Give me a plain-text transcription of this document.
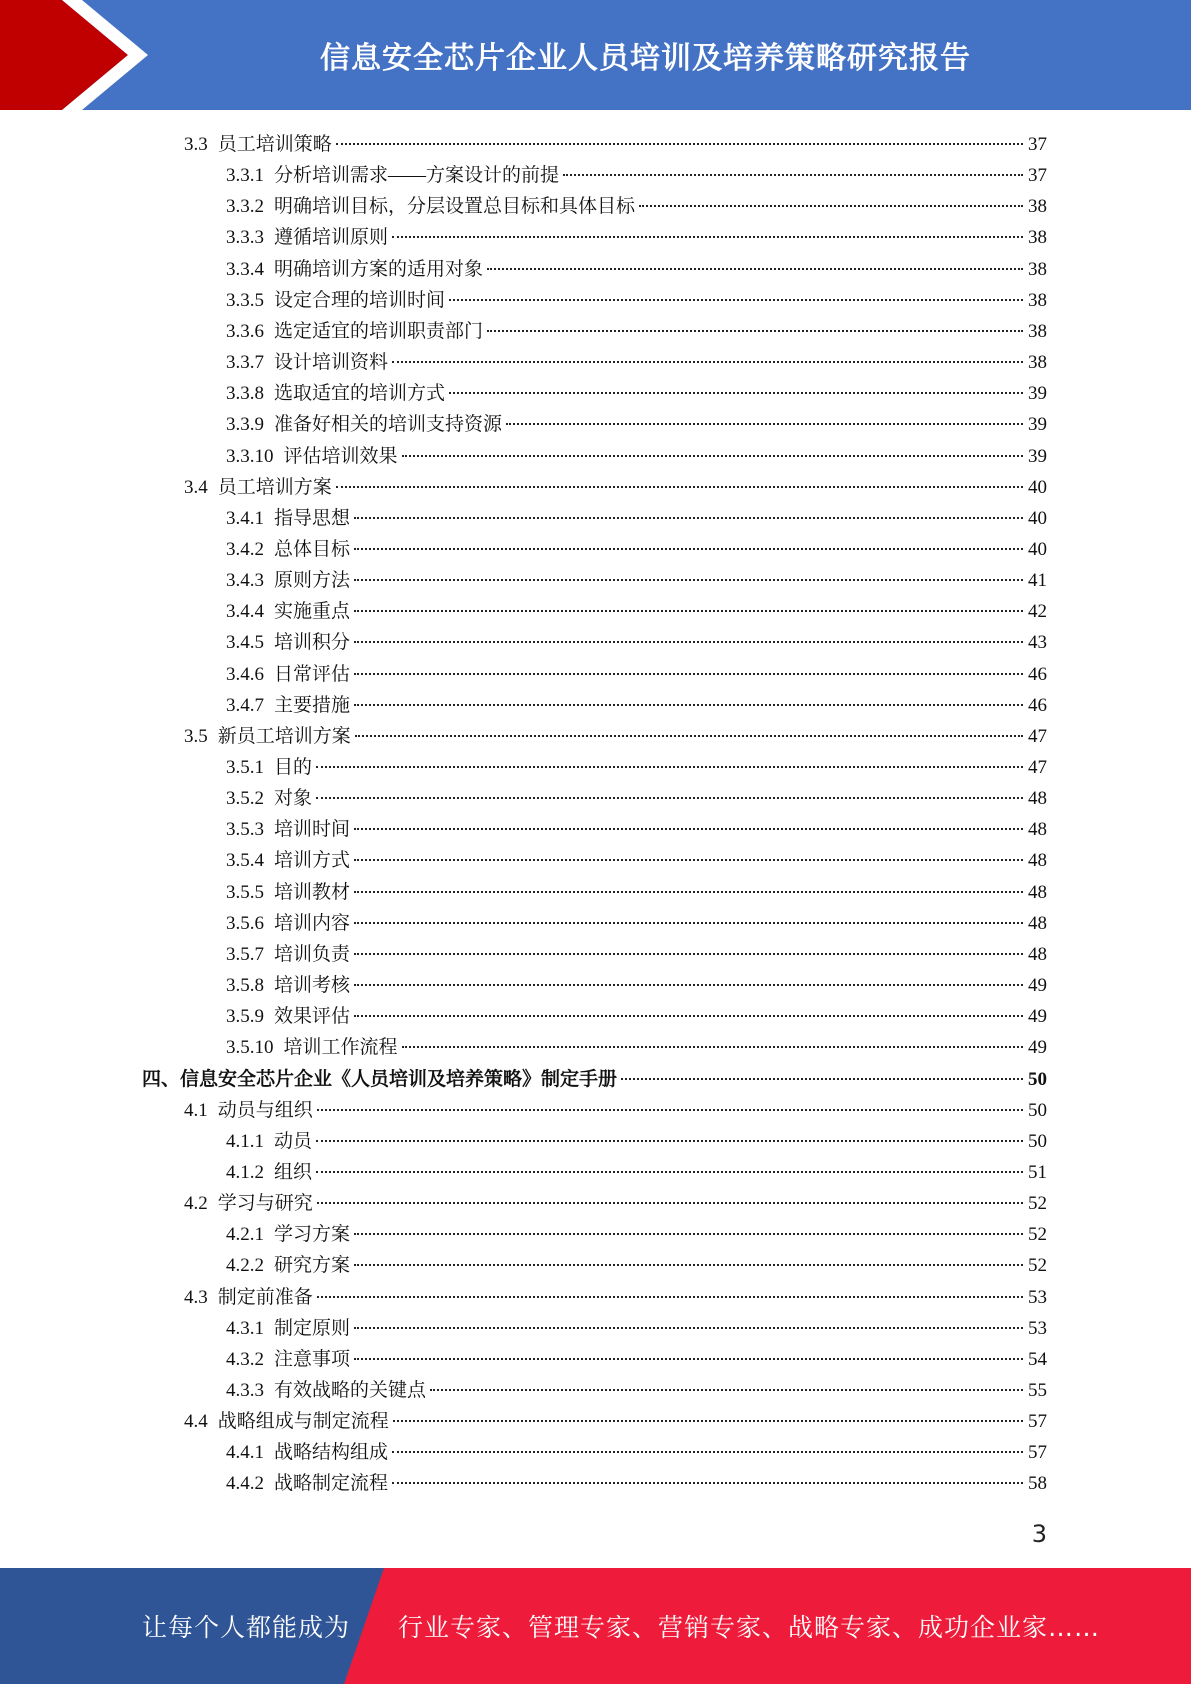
信息安全芯片企业人员培训及培养策略研究报告
3.3 员工培训策略	37
3.3.1 分析培训需求——方案设计的前提	37
3.3.2 明确培训目标，分层设置总目标和具体目标	38
3.3.3 遵循培训原则	38
3.3.4 明确培训方案的适用对象	38
3.3.5 设定合理的培训时间	38
3.3.6 选定适宜的培训职责部门	38
3.3.7 设计培训资料	38
3.3.8 选取适宜的培训方式	39
3.3.9 准备好相关的培训支持资源	39
3.3.10 评估培训效果	39
3.4 员工培训方案	40
3.4.1 指导思想	40
3.4.2 总体目标	40
3.4.3 原则方法	41
3.4.4 实施重点	42
3.4.5 培训积分	43
3.4.6 日常评估	46
3.4.7 主要措施	46
3.5 新员工培训方案	47
3.5.1 目的	47
3.5.2 对象	48
3.5.3 培训时间	48
3.5.4 培训方式	48
3.5.5 培训教材	48
3.5.6 培训内容	48
3.5.7 培训负责	48
3.5.8 培训考核	49
3.5.9 效果评估	49
3.5.10 培训工作流程	49
四、信息安全芯片企业《人员培训及培养策略》制定手册	50
4.1 动员与组织	50
4.1.1 动员	50
4.1.2 组织	51
4.2 学习与研究	52
4.2.1 学习方案	52
4.2.2 研究方案	52
4.3 制定前准备	53
4.3.1 制定原则	53
4.3.2 注意事项	54
4.3.3 有效战略的关键点	55
4.4 战略组成与制定流程	57
4.4.1 战略结构组成	57
4.4.2 战略制定流程	58
3
让每个人都能成为 行业专家、管理专家、营销专家、战略专家、成功企业家……
